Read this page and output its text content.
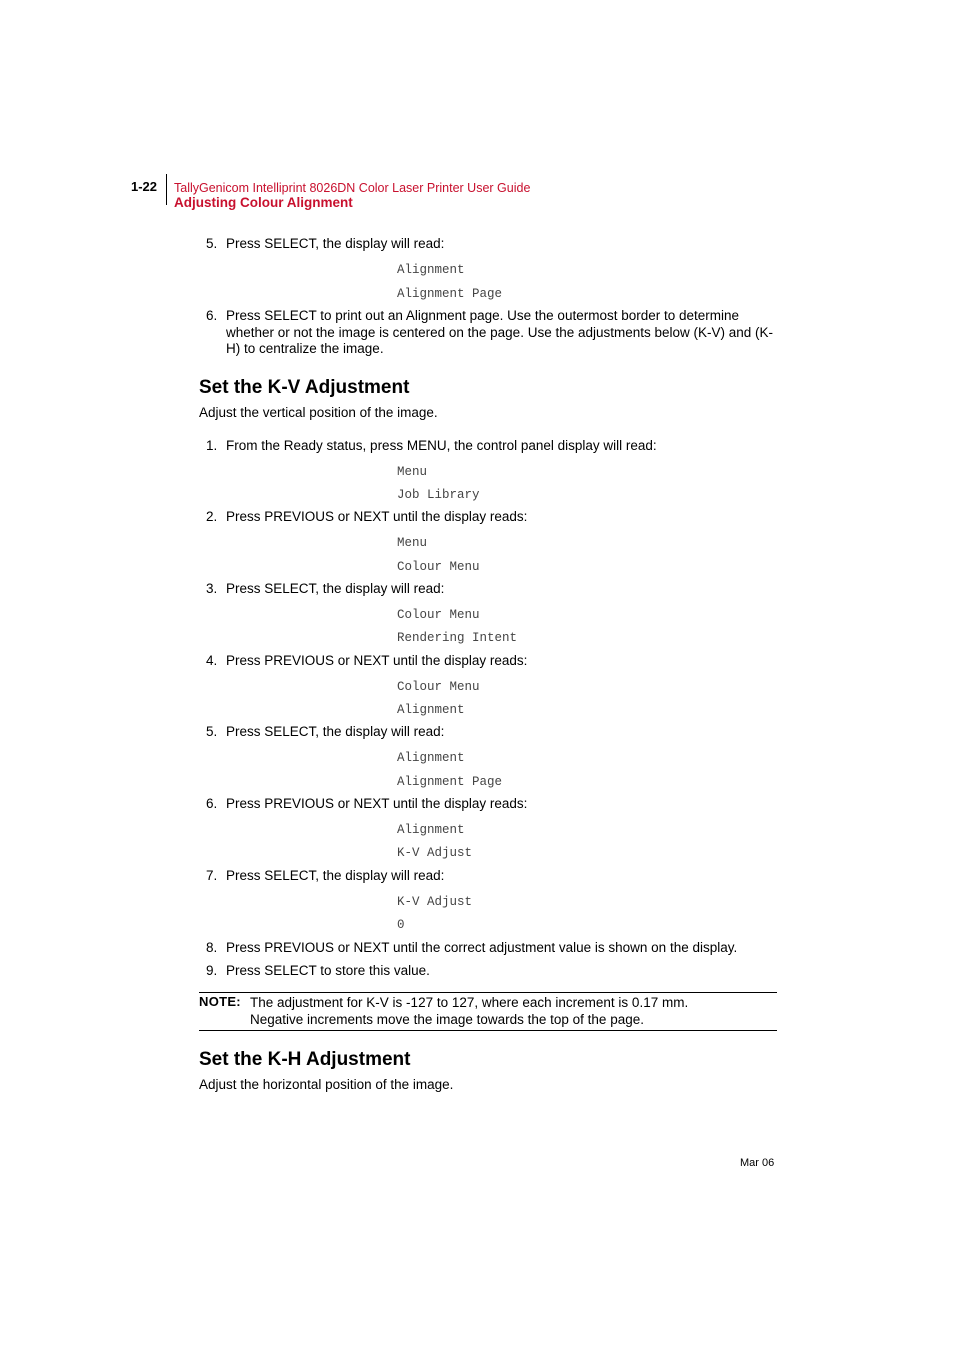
1-22 TallyGenicom Intelliprint 8026DN Color Laser Printer User Guide
Adjusting Colour Alignment
5. Press SELECT, the display will read:
Alignment
Alignment Page
6. Press SELECT to print out an Alignment page. Use the outermost border to determine whether or not the image is centered on the page. Use the adjustments below (K-V) and (K-H) to centralize the image.
Set the K-V Adjustment
Adjust the vertical position of the image.
1. From the Ready status, press MENU, the control panel display will read:
Menu
Job Library
2. Press PREVIOUS or NEXT until the display reads:
Menu
Colour Menu
3. Press SELECT, the display will read:
Colour Menu
Rendering Intent
4. Press PREVIOUS or NEXT until the display reads:
Colour Menu
Alignment
5. Press SELECT, the display will read:
Alignment
Alignment Page
6. Press PREVIOUS or NEXT until the display reads:
Alignment
K-V Adjust
7. Press SELECT, the display will read:
K-V Adjust
0
8. Press PREVIOUS or NEXT until the correct adjustment value is shown on the display.
9. Press SELECT to store this value.
NOTE: The adjustment for K-V is -127 to 127, where each increment is 0.17 mm.
Negative increments move the image towards the top of the page.
Set the K-H Adjustment
Adjust the horizontal position of the image.
Mar 06
